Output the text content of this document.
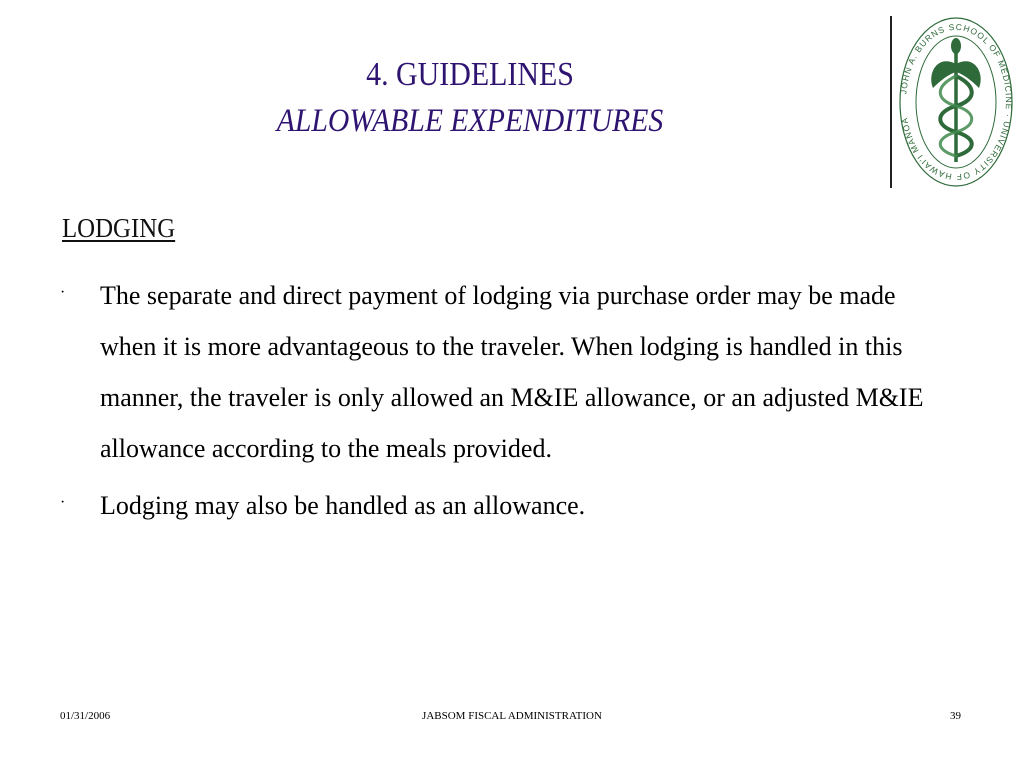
4. GUIDELINES
ALLOWABLE EXPENDITURES
JOHN A. BURNS SCHOOL OF MEDICINE · UNIVERSITY OF HAWAI'I MĀNOA
LODGING
· The separate and direct payment of lodging via purchase order may be made when it is more advantageous to the traveler. When lodging is handled in this manner, the traveler is only allowed an M&IE allowance, or an adjusted M&IE allowance according to the meals provided.
· Lodging may also be handled as an allowance.
01/31/2006	JABSOM FISCAL ADMINISTRATION	39
